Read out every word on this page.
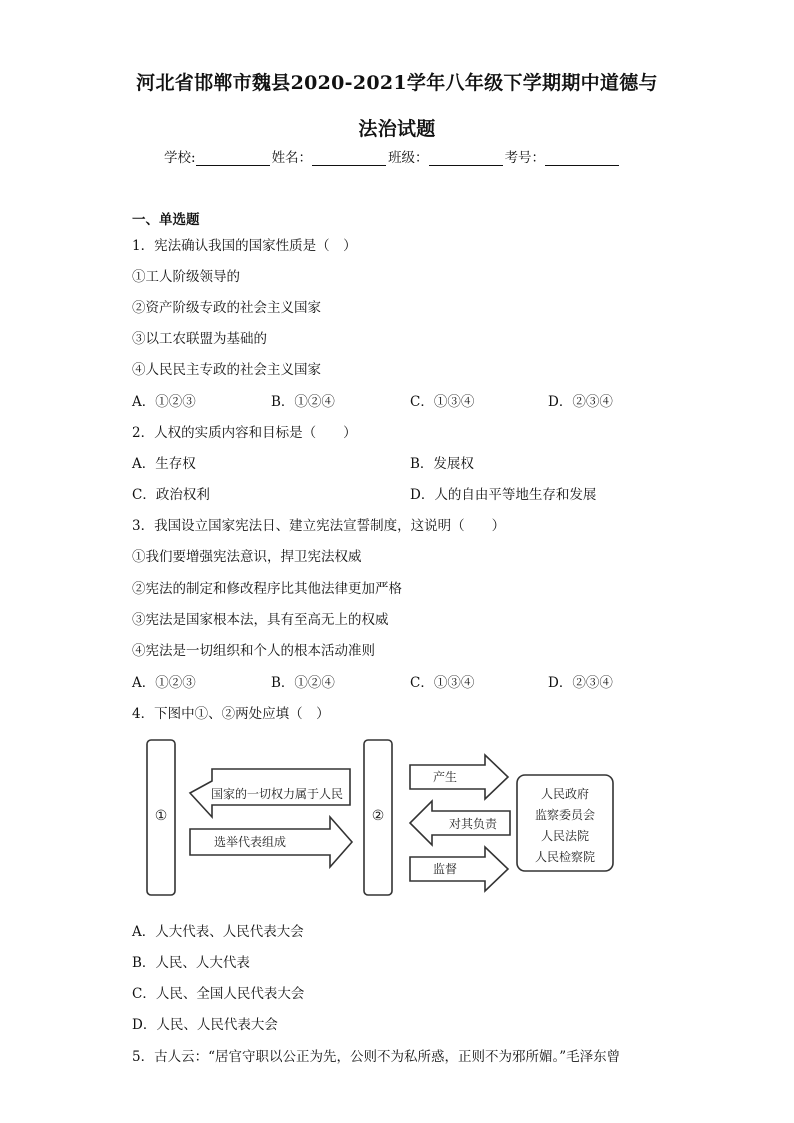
河北省邯郸市魏县2020-2021学年八年级下学期期中道德与
法治试题
学校:	姓名：	班级：	考号：
一、单选题
1．宪法确认我国的国家性质是（　）
①工人阶级领导的
②资产阶级专政的社会主义国家
③以工农联盟为基础的
④人民民主专政的社会主义国家
A．①②③	B．①②④	C．①③④	D．②③④
2．人权的实质内容和目标是（　　）
A．生存权	B．发展权
C．政治权利	D．人的自由平等地生存和发展
3．我国设立国家宪法日、建立宪法宣誓制度，这说明（　　）
①我们要增强宪法意识，捍卫宪法权威
②宪法的制定和修改程序比其他法律更加严格
③宪法是国家根本法，具有至高无上的权威
④宪法是一切组织和个人的根本活动准则
A．①②③	B．①②④	C．①③④	D．②③④
4．下图中①、②两处应填（　）
①	②
国家的一切权力属于人民
选举代表组成
产生
对其负责
监督
人民政府
监察委员会
人民法院
人民检察院
A．人大代表、人民代表大会
B．人民、人大代表
C．人民、全国人民代表大会
D．人民、人民代表大会
5．古人云：“居官守职以公正为先，公则不为私所惑，正则不为邪所媚。”毛泽东曾
